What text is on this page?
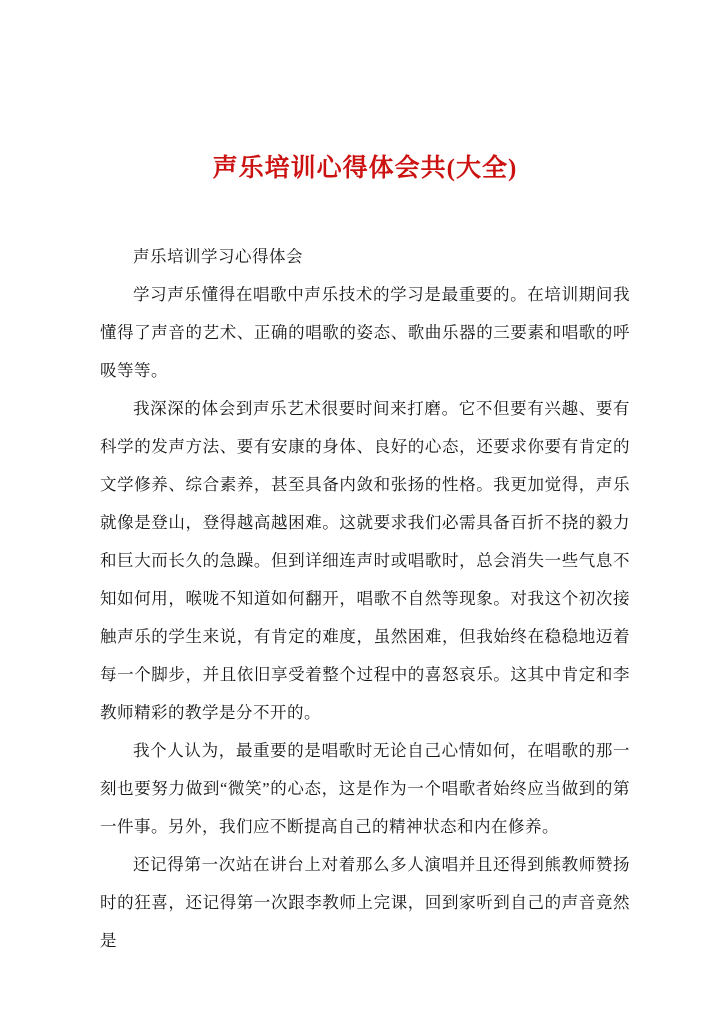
声乐培训心得体会共(大全)

声乐培训学习心得体会

学习声乐懂得在唱歌中声乐技术的学习是最重要的。在培训期间我懂得了声音的艺术、正确的唱歌的姿态、歌曲乐器的三要素和唱歌的呼吸等等。

我深深的体会到声乐艺术很要时间来打磨。它不但要有兴趣、要有科学的发声方法、要有安康的身体、良好的心态，还要求你要有肯定的文学修养、综合素养，甚至具备内敛和张扬的性格。我更加觉得，声乐就像是登山，登得越高越困难。这就要求我们必需具备百折不挠的毅力和巨大而长久的急躁。但到详细连声时或唱歌时，总会消失一些气息不知如何用，喉咙不知道如何翻开，唱歌不自然等现象。对我这个初次接触声乐的学生来说，有肯定的难度，虽然困难，但我始终在稳稳地迈着每一个脚步，并且依旧享受着整个过程中的喜怒哀乐。这其中肯定和李教师精彩的教学是分不开的。

我个人认为，最重要的是唱歌时无论自己心情如何，在唱歌的那一刻也要努力做到“微笑”的心态，这是作为一个唱歌者始终应当做到的第一件事。另外，我们应不断提高自己的精神状态和内在修养。

还记得第一次站在讲台上对着那么多人演唱并且还得到熊教师赞扬时的狂喜，还记得第一次跟李教师上完课，回到家听到自己的声音竟然是
